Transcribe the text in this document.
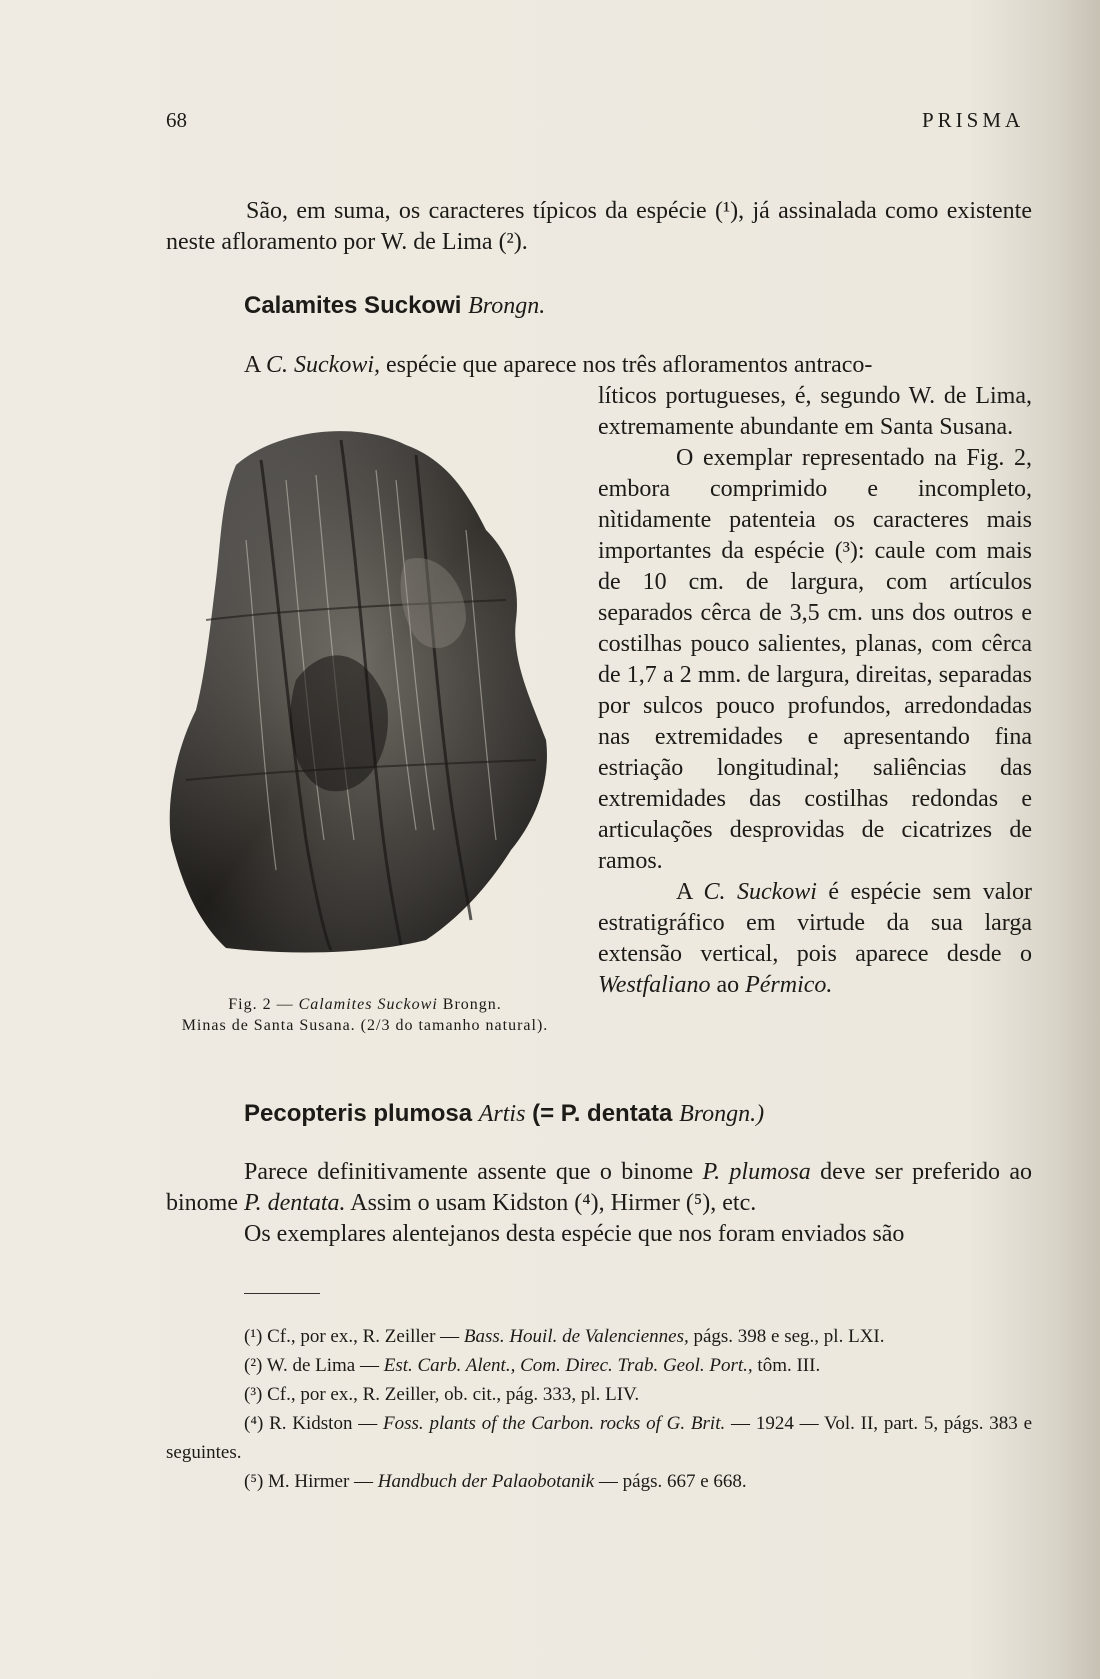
68	PRISMA

São, em suma, os caracteres típicos da espécie (¹), já assinalada como existente neste afloramento por W. de Lima (²).

Calamites Suckowi Brongn.

A C. Suckowi, espécie que aparece nos três afloramentos antraco-

líticos portugueses, é, segundo W. de Lima, extremamente abundante em Santa Susana.

O exemplar representado na Fig. 2, embora comprimido e incompleto, nìtidamente patenteia os caracteres mais importantes da espécie (³): caule com mais de 10 cm. de largura, com artículos separados cêrca de 3,5 cm. uns dos outros e costilhas pouco salientes, planas, com cêrca de 1,7 a 2 mm. de largura, direitas, separadas por sulcos pouco profundos, arredondadas nas extremidades e apresentando fina estriação longitudinal; saliências das extremidades das costilhas redondas e articulações desprovidas de cicatrizes de ramos.

A C. Suckowi é espécie sem valor estratigráfico em virtude da sua larga extensão vertical, pois aparece desde o Westfaliano ao Pérmico.

Fig. 2 — Calamites Suckowi Brongn.
Minas de Santa Susana. (2/3 do tamanho natural).
Pecopteris plumosa Artis (= P. dentata Brongn.)

Parece definitivamente assente que o binome P. plumosa deve ser preferido ao binome P. dentata. Assim o usam Kidston (⁴), Hirmer (⁵), etc.
Os exemplares alentejanos desta espécie que nos foram enviados são

(¹) Cf., por ex., R. Zeiller — Bass. Houil. de Valenciennes, págs. 398 e seg., pl. LXI.

(²) W. de Lima — Est. Carb. Alent., Com. Direc. Trab. Geol. Port., tôm. III.

(³) Cf., por ex., R. Zeiller, ob. cit., pág. 333, pl. LIV.

(⁴) R. Kidston — Foss. plants of the Carbon. rocks of G. Brit. — 1924 — Vol. II, part. 5, págs. 383 e seguintes.

(⁵) M. Hirmer — Handbuch der Palaobotanik — págs. 667 e 668.
